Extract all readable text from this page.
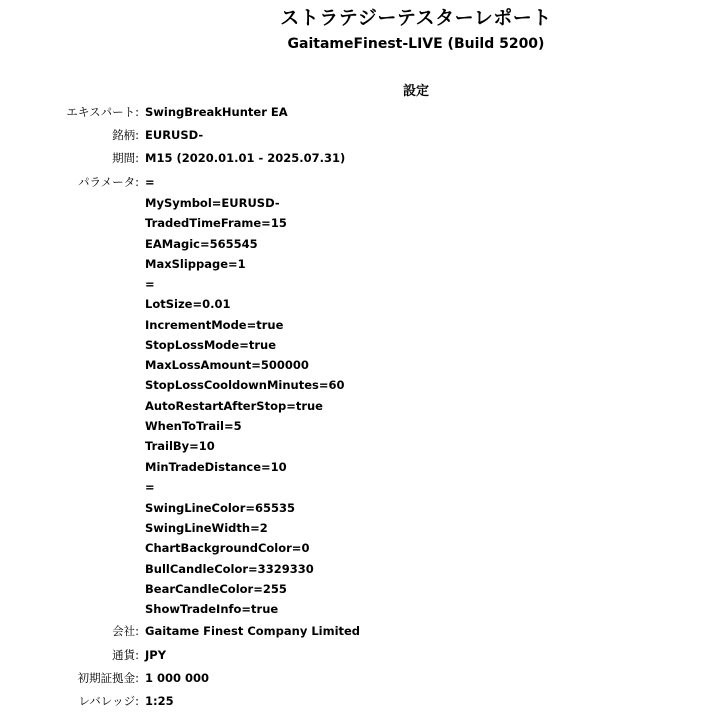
ストラテジーテスターレポート
GaitameFinest-LIVE (Build 5200)
設定
エキスパート: SwingBreakHunter EA
銘柄: EURUSD-
期間: M15 (2020.01.01 - 2025.07.31)
パラメータ: =
MySymbol=EURUSD-
TradedTimeFrame=15
EAMagic=565545
MaxSlippage=1
=
LotSize=0.01
IncrementMode=true
StopLossMode=true
MaxLossAmount=500000
StopLossCooldownMinutes=60
AutoRestartAfterStop=true
WhenToTrail=5
TrailBy=10
MinTradeDistance=10
=
SwingLineColor=65535
SwingLineWidth=2
ChartBackgroundColor=0
BullCandleColor=3329330
BearCandleColor=255
ShowTradeInfo=true
会社: Gaitame Finest Company Limited
通貨: JPY
初期証拠金: 1 000 000
レバレッジ: 1:25
